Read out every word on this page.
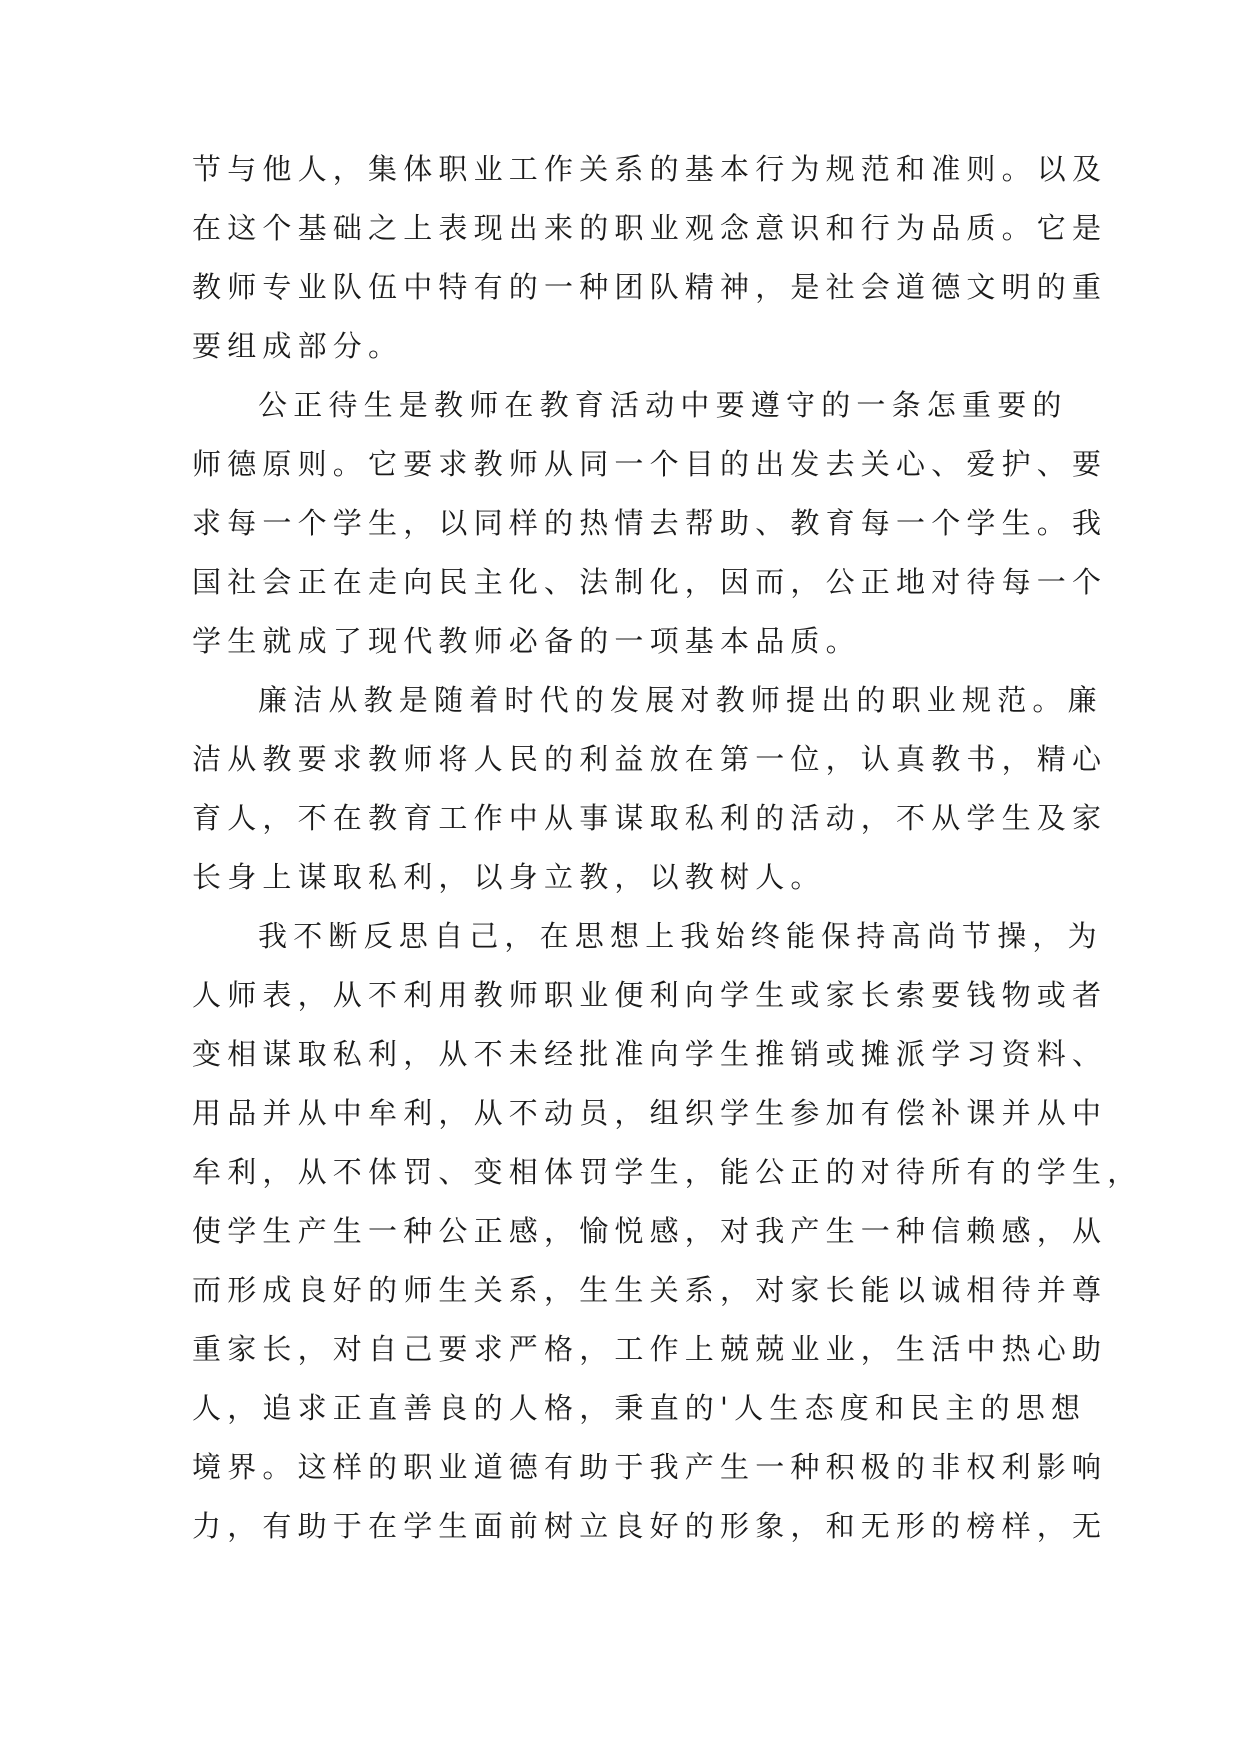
节与他人，集体职业工作关系的基本行为规范和准则。以及
在这个基础之上表现出来的职业观念意识和行为品质。它是
教师专业队伍中特有的一种团队精神，是社会道德文明的重
要组成部分。
公正待生是教师在教育活动中要遵守的一条怎重要的
师德原则。它要求教师从同一个目的出发去关心、爱护、要
求每一个学生，以同样的热情去帮助、教育每一个学生。我
国社会正在走向民主化、法制化，因而，公正地对待每一个
学生就成了现代教师必备的一项基本品质。
廉洁从教是随着时代的发展对教师提出的职业规范。廉
洁从教要求教师将人民的利益放在第一位，认真教书，精心
育人，不在教育工作中从事谋取私利的活动，不从学生及家
长身上谋取私利，以身立教，以教树人。
我不断反思自己，在思想上我始终能保持高尚节操，为
人师表，从不利用教师职业便利向学生或家长索要钱物或者
变相谋取私利，从不未经批准向学生推销或摊派学习资料、
用品并从中牟利，从不动员，组织学生参加有偿补课并从中
牟利，从不体罚、变相体罚学生，能公正的对待所有的学生，
使学生产生一种公正感，愉悦感，对我产生一种信赖感，从
而形成良好的师生关系，生生关系，对家长能以诚相待并尊
重家长，对自己要求严格，工作上兢兢业业，生活中热心助
人，追求正直善良的人格，秉直的'人生态度和民主的思想
境界。这样的职业道德有助于我产生一种积极的非权利影响
力，有助于在学生面前树立良好的形象，和无形的榜样，无
